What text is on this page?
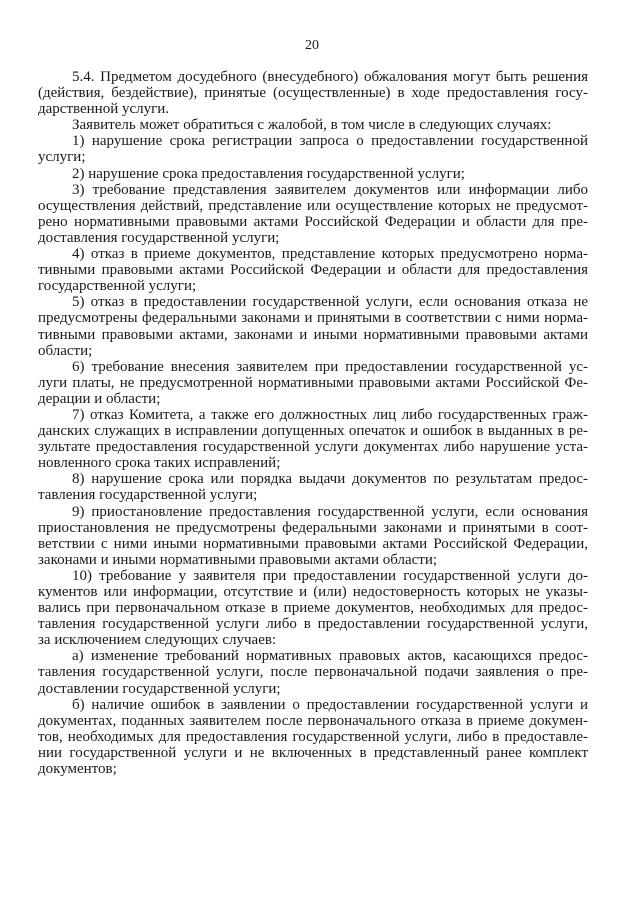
20
5.4. Предметом досудебного (внесудебного) обжалования могут быть решения
(действия, бездействие), принятые (осуществленные) в ходе предоставления госу-
дарственной услуги.
Заявитель может обратиться с жалобой, в том числе в следующих случаях:
1) нарушение срока регистрации запроса о предоставлении государственной
услуги;
2) нарушение срока предоставления государственной услуги;
3) требование представления заявителем документов или информации либо
осуществления действий, представление или осуществление которых не предусмот-
рено нормативными правовыми актами Российской Федерации и области для пре-
доставления государственной услуги;
4) отказ в приеме документов, представление которых предусмотрено норма-
тивными правовыми актами Российской Федерации и области для предоставления
государственной услуги;
5) отказ в предоставлении государственной услуги, если основания отказа не
предусмотрены федеральными законами и принятыми в соответствии с ними норма-
тивными правовыми актами, законами и иными нормативными правовыми актами
области;
6) требование внесения заявителем при предоставлении государственной ус-
луги платы, не предусмотренной нормативными правовыми актами Российской Фе-
дерации и области;
7) отказ Комитета, а также его должностных лиц либо государственных граж-
данских служащих в исправлении допущенных опечаток и ошибок в выданных в ре-
зультате предоставления государственной услуги документах либо нарушение уста-
новленного срока таких исправлений;
8) нарушение срока или порядка выдачи документов по результатам предос-
тавления государственной услуги;
9) приостановление предоставления государственной услуги, если основания
приостановления не предусмотрены федеральными законами и принятыми в соот-
ветствии с ними иными нормативными правовыми актами Российской Федерации,
законами и иными нормативными правовыми актами области;
10) требование у заявителя при предоставлении государственной услуги до-
кументов или информации, отсутствие и (или) недостоверность которых не указы-
вались при первоначальном отказе в приеме документов, необходимых для предос-
тавления государственной услуги либо в предоставлении государственной услуги,
за исключением следующих случаев:
а) изменение требований нормативных правовых актов, касающихся предос-
тавления государственной услуги, после первоначальной подачи заявления о пре-
доставлении государственной услуги;
б) наличие ошибок в заявлении о предоставлении государственной услуги и
документах, поданных заявителем после первоначального отказа в приеме докумен-
тов, необходимых для предоставления государственной услуги, либо в предоставле-
нии государственной услуги и не включенных в представленный ранее комплект
документов;
